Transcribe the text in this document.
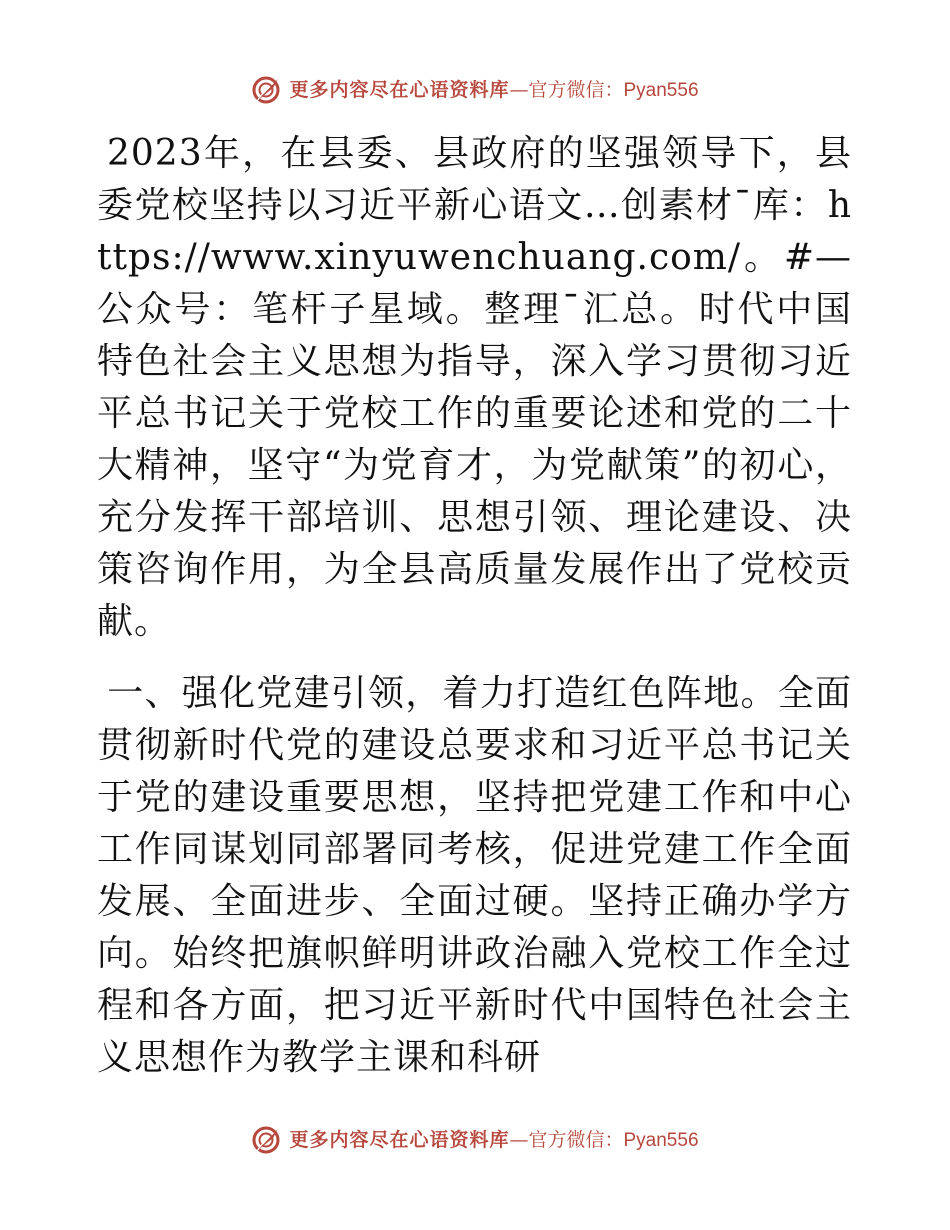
更多内容尽在心语资料库 — 官方微信： Pyan556

2023年，在县委、县政府的坚强领导下，县委党校坚持以习近平新心语文…创素材¯库：https://www.xinyuwenchuang.com/。#—公众号：笔杆子星域。整理¯汇总。时代中国特色社会主义思想为指导，深入学习贯彻习近平总书记关于党校工作的重要论述和党的二十大精神，坚守“为党育才，为党献策”的初心，充分发挥干部培训、思想引领、理论建设、决策咨询作用，为全县高质量发展作出了党校贡献。

一、强化党建引领，着力打造红色阵地。全面贯彻新时代党的建设总要求和习近平总书记关于党的建设重要思想，坚持把党建工作和中心工作同谋划同部署同考核，促进党建工作全面发展、全面进步、全面过硬。坚持正确办学方向。始终把旗帜鲜明讲政治融入党校工作全过程和各方面，把习近平新时代中国特色社会主义思想作为教学主课和科研

更多内容尽在心语资料库 — 官方微信： Pyan556
